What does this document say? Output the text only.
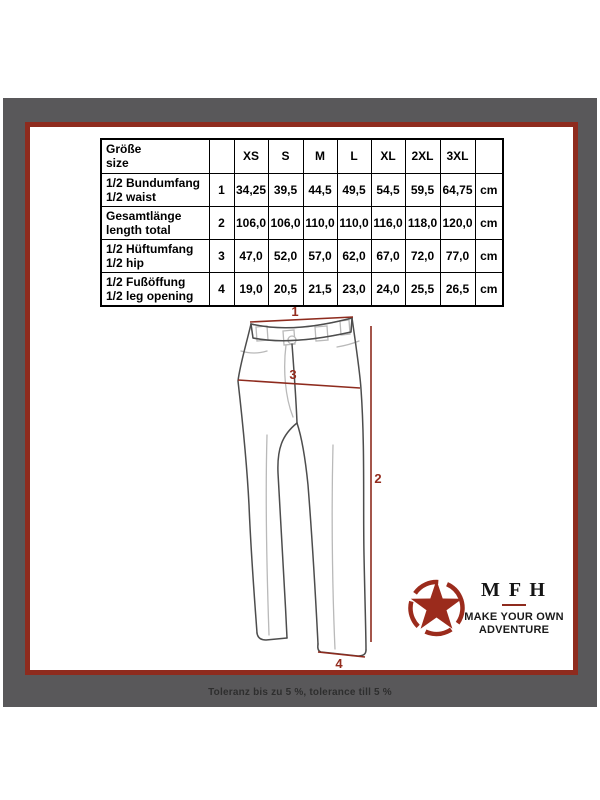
Größe
size		XS	S	M	L	XL	2XL	3XL	

1/2 Bundumfang
1/2 waist	1	34,25	39,5	44,5	49,5	54,5	59,5	64,75	cm

Gesamtlänge
length total	2	106,0	106,0	110,0	110,0	116,0	118,0	120,0	cm

1/2 Hüftumfang
1/2 hip	3	47,0	52,0	57,0	62,0	67,0	72,0	77,0	cm

1/2 Fußöffung
1/2 leg opening	4	19,0	20,5	21,5	23,0	24,0	25,5	26,5	cm
1
2
3
4
M F H
MAKE YOUR OWN
ADVENTURE
Toleranz bis zu 5 %, tolerance till 5 %
